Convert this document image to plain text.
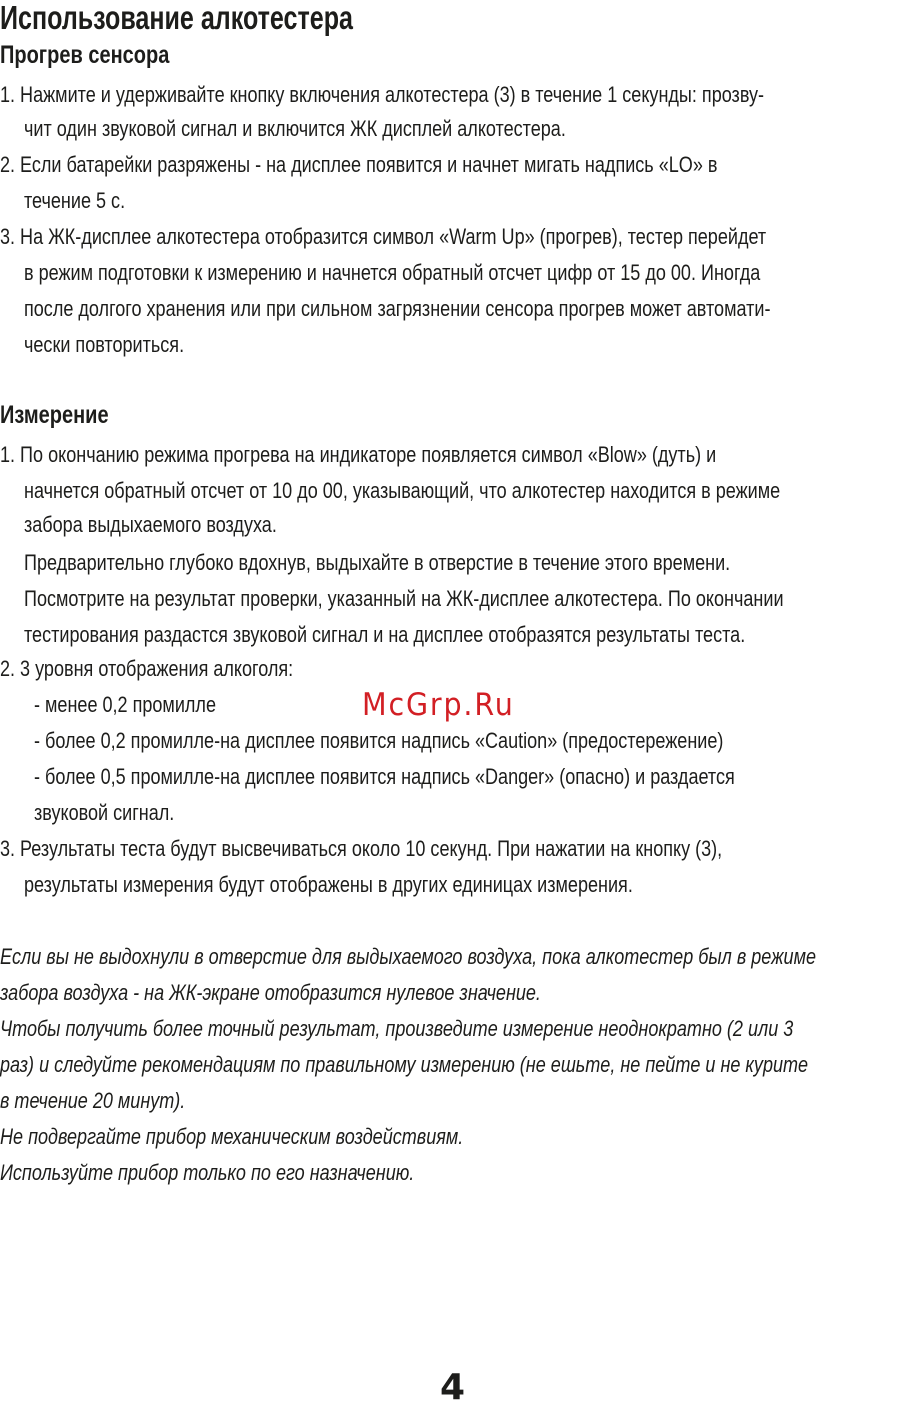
Использование алкотестера
Прогрев сенсора
1. Нажмите и удерживайте кнопку включения алкотестера (3) в течение 1 секунды: прозву-
чит один звуковой сигнал и включится ЖК дисплей алкотестера.
2. Если батарейки разряжены - на дисплее появится и начнет мигать надпись «LO» в
течение 5 с.
3. На ЖК-дисплее алкотестера отобразится символ «Warm Up» (прогрев), тестер перейдет
в режим подготовки к измерению и начнется обратный отсчет цифр от 15 до 00. Иногда
после долгого хранения или при сильном загрязнении сенсора прогрев может автомати-
чески повториться.
Измерение
1. По окончанию режима прогрева на индикаторе появляется символ «Blow» (дуть) и
начнется обратный отсчет от 10 до 00, указывающий, что алкотестер находится в режиме
забора выдыхаемого воздуха.
Предварительно глубоко вдохнув, выдыхайте в отверстие в течение этого времени.
Посмотрите на результат проверки, указанный на ЖК-дисплее алкотестера. По окончании
тестирования раздастся звуковой сигнал и на дисплее отобразятся результаты теста.
2. 3 уровня отображения алкоголя:
- менее 0,2 промилле
- более 0,2 промилле-на дисплее появится надпись «Caution» (предостережение)
- более 0,5 промилле-на дисплее появится надпись «Danger» (опасно) и раздается
звуковой сигнал.
3. Результаты теста будут высвечиваться около 10 секунд. При нажатии на кнопку (3),
результаты измерения будут отображены в других единицах измерения.
Если вы не выдохнули в отверстие для выдыхаемого воздуха, пока алкотестер был в режиме
забора воздуха - на ЖК-экране отобразится нулевое значение.
Чтобы получить более точный результат, произведите измерение неоднократно (2 или 3
раз) и следуйте рекомендациям по правильному измерению (не ешьте, не пейте и не курите
в течение 20 минут).
Не подвергайте прибор механическим воздействиям.
Используйте прибор только по его назначению.
McGrp.Ru
4
